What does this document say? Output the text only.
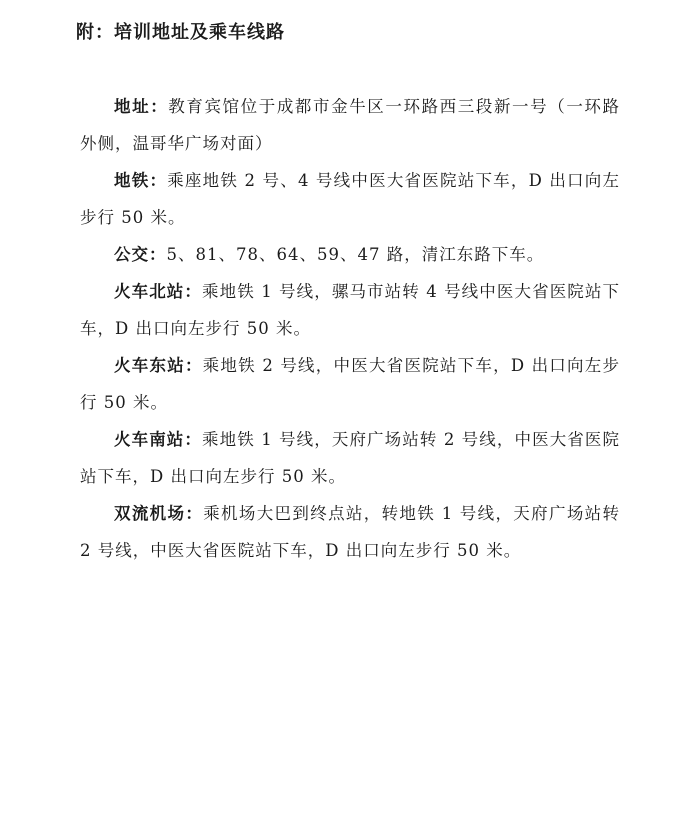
附：培训地址及乘车线路

地址：教育宾馆位于成都市金牛区一环路西三段新一号（一环路外侧，温哥华广场对面）

地铁：乘座地铁 2 号、4 号线中医大省医院站下车，D 出口向左步行 50 米。

公交：5、81、78、64、59、47 路，清江东路下车。

火车北站：乘地铁 1 号线，骡马市站转 4 号线中医大省医院站下车，D 出口向左步行 50 米。

火车东站：乘地铁 2 号线，中医大省医院站下车，D 出口向左步行 50 米。

火车南站：乘地铁 1 号线，天府广场站转 2 号线，中医大省医院站下车，D 出口向左步行 50 米。

双流机场：乘机场大巴到终点站，转地铁 1 号线，天府广场站转 2 号线，中医大省医院站下车，D 出口向左步行 50 米。
